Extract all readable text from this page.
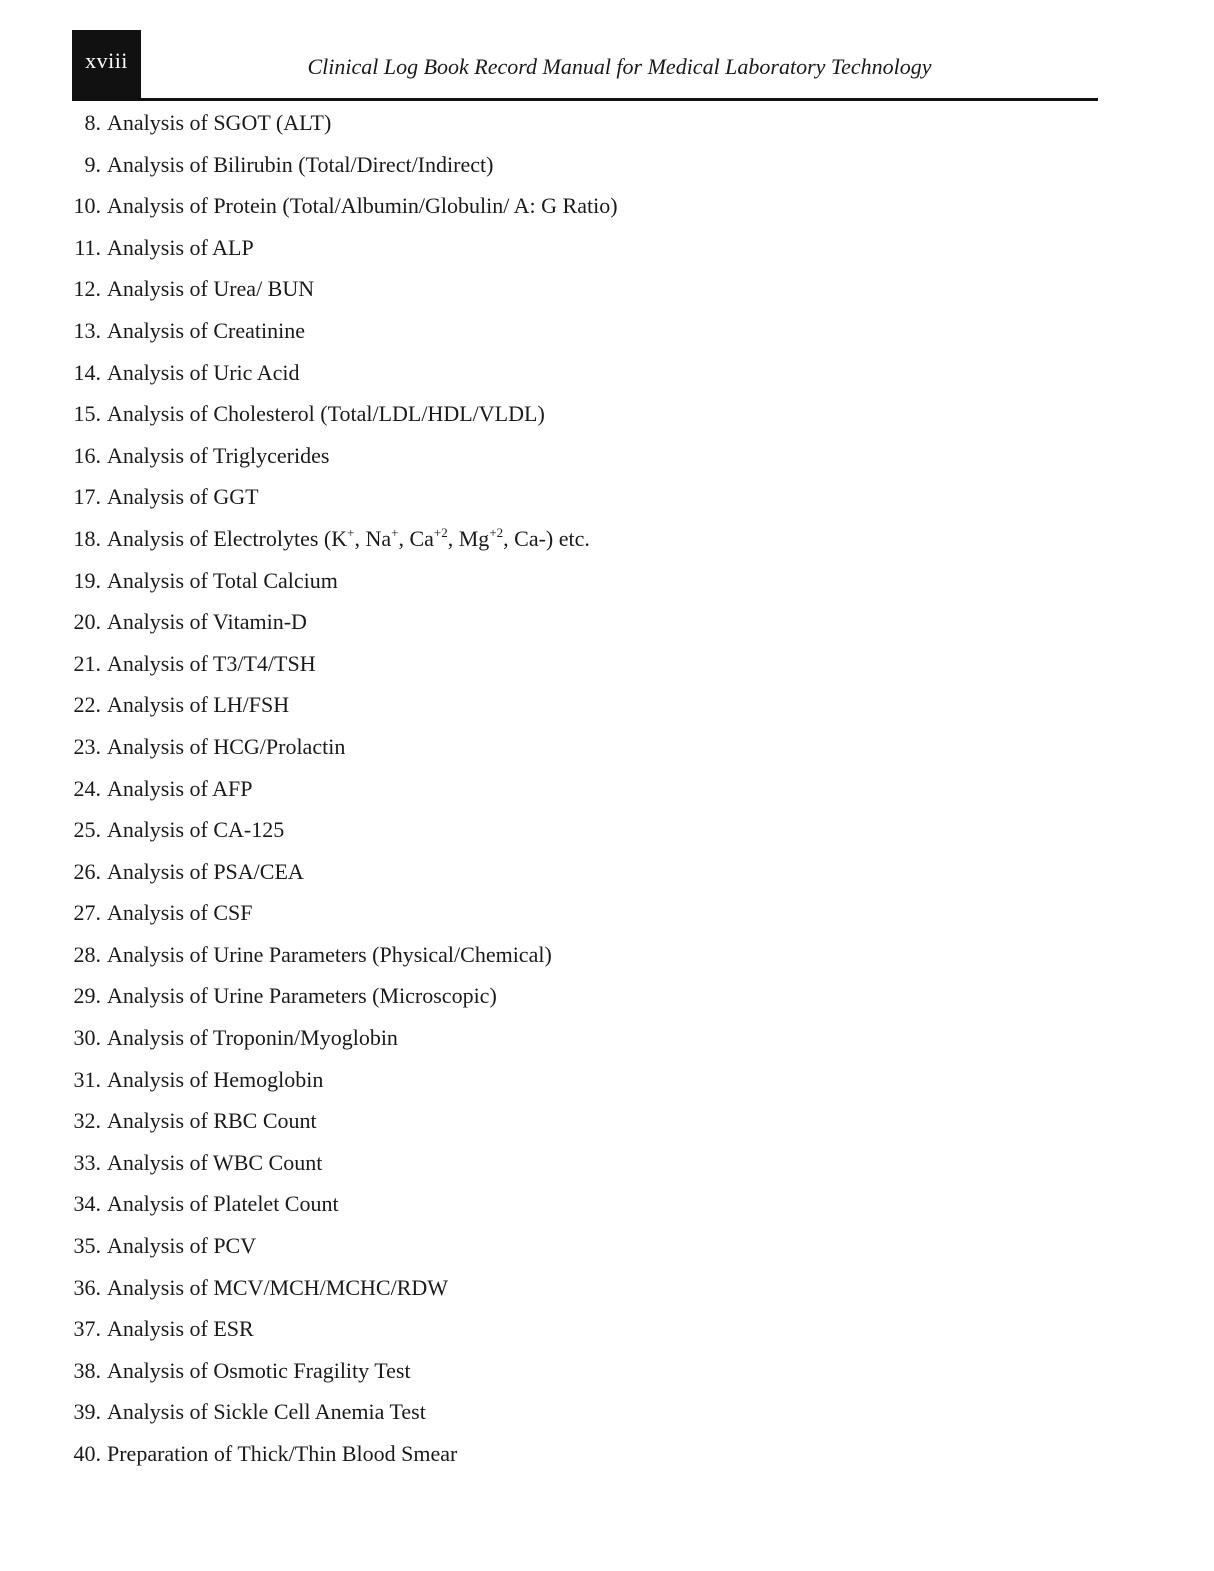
xviii	Clinical Log Book Record Manual for Medical Laboratory Technology
8. Analysis of SGOT (ALT)
9. Analysis of Bilirubin (Total/Direct/Indirect)
10. Analysis of Protein (Total/Albumin/Globulin/ A: G Ratio)
11. Analysis of ALP
12. Analysis of Urea/ BUN
13. Analysis of Creatinine
14. Analysis of Uric Acid
15. Analysis of Cholesterol (Total/LDL/HDL/VLDL)
16. Analysis of Triglycerides
17. Analysis of GGT
18. Analysis of Electrolytes (K+, Na+, $Ca^{+2}$, $Mg^{+2}$, Ca-) etc.
19. Analysis of Total Calcium
20. Analysis of Vitamin-D
21. Analysis of T3/T4/TSH
22. Analysis of LH/FSH
23. Analysis of HCG/Prolactin
24. Analysis of AFP
25. Analysis of CA-125
26. Analysis of PSA/CEA
27. Analysis of CSF
28. Analysis of Urine Parameters (Physical/Chemical)
29. Analysis of Urine Parameters (Microscopic)
30. Analysis of Troponin/Myoglobin
31. Analysis of Hemoglobin
32. Analysis of RBC Count
33. Analysis of WBC Count
34. Analysis of Platelet Count
35. Analysis of PCV
36. Analysis of MCV/MCH/MCHC/RDW
37. Analysis of ESR
38. Analysis of Osmotic Fragility Test
39. Analysis of Sickle Cell Anemia Test
40. Preparation of Thick/Thin Blood Smear
